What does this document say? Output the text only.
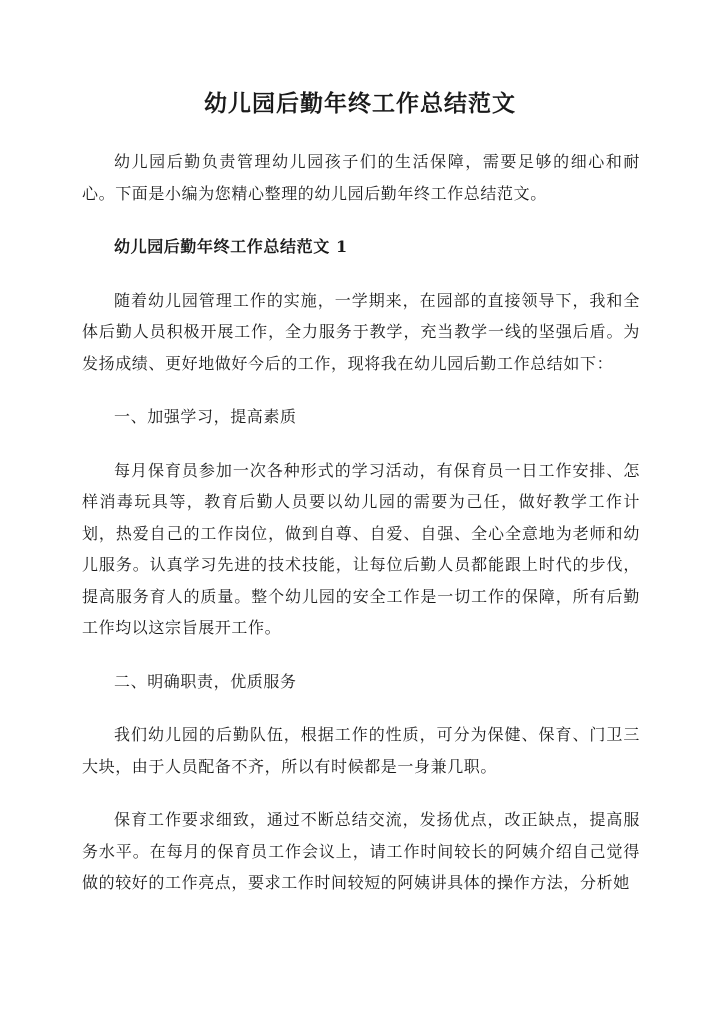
幼儿园后勤年终工作总结范文

幼儿园后勤负责管理幼儿园孩子们的生活保障，需要足够的细心和耐心。下面是小编为您精心整理的幼儿园后勤年终工作总结范文。

幼儿园后勤年终工作总结范文 1

随着幼儿园管理工作的实施，一学期来，在园部的直接领导下，我和全体后勤人员积极开展工作，全力服务于教学，充当教学一线的坚强后盾。为发扬成绩、更好地做好今后的工作，现将我在幼儿园后勤工作总结如下：

一、加强学习，提高素质

每月保育员参加一次各种形式的学习活动，有保育员一日工作安排、怎样消毒玩具等，教育后勤人员要以幼儿园的需要为己任，做好教学工作计划，热爱自己的工作岗位，做到自尊、自爱、自强、全心全意地为老师和幼儿服务。认真学习先进的技术技能，让每位后勤人员都能跟上时代的步伐，提高服务育人的质量。整个幼儿园的安全工作是一切工作的保障，所有后勤工作均以这宗旨展开工作。

二、明确职责，优质服务

我们幼儿园的后勤队伍，根据工作的性质，可分为保健、保育、门卫三大块，由于人员配备不齐，所以有时候都是一身兼几职。

保育工作要求细致，通过不断总结交流，发扬优点，改正缺点，提高服务水平。在每月的保育员工作会议上，请工作时间较长的阿姨介绍自己觉得做的较好的工作亮点，要求工作时间较短的阿姨讲具体的操作方法，分析她
